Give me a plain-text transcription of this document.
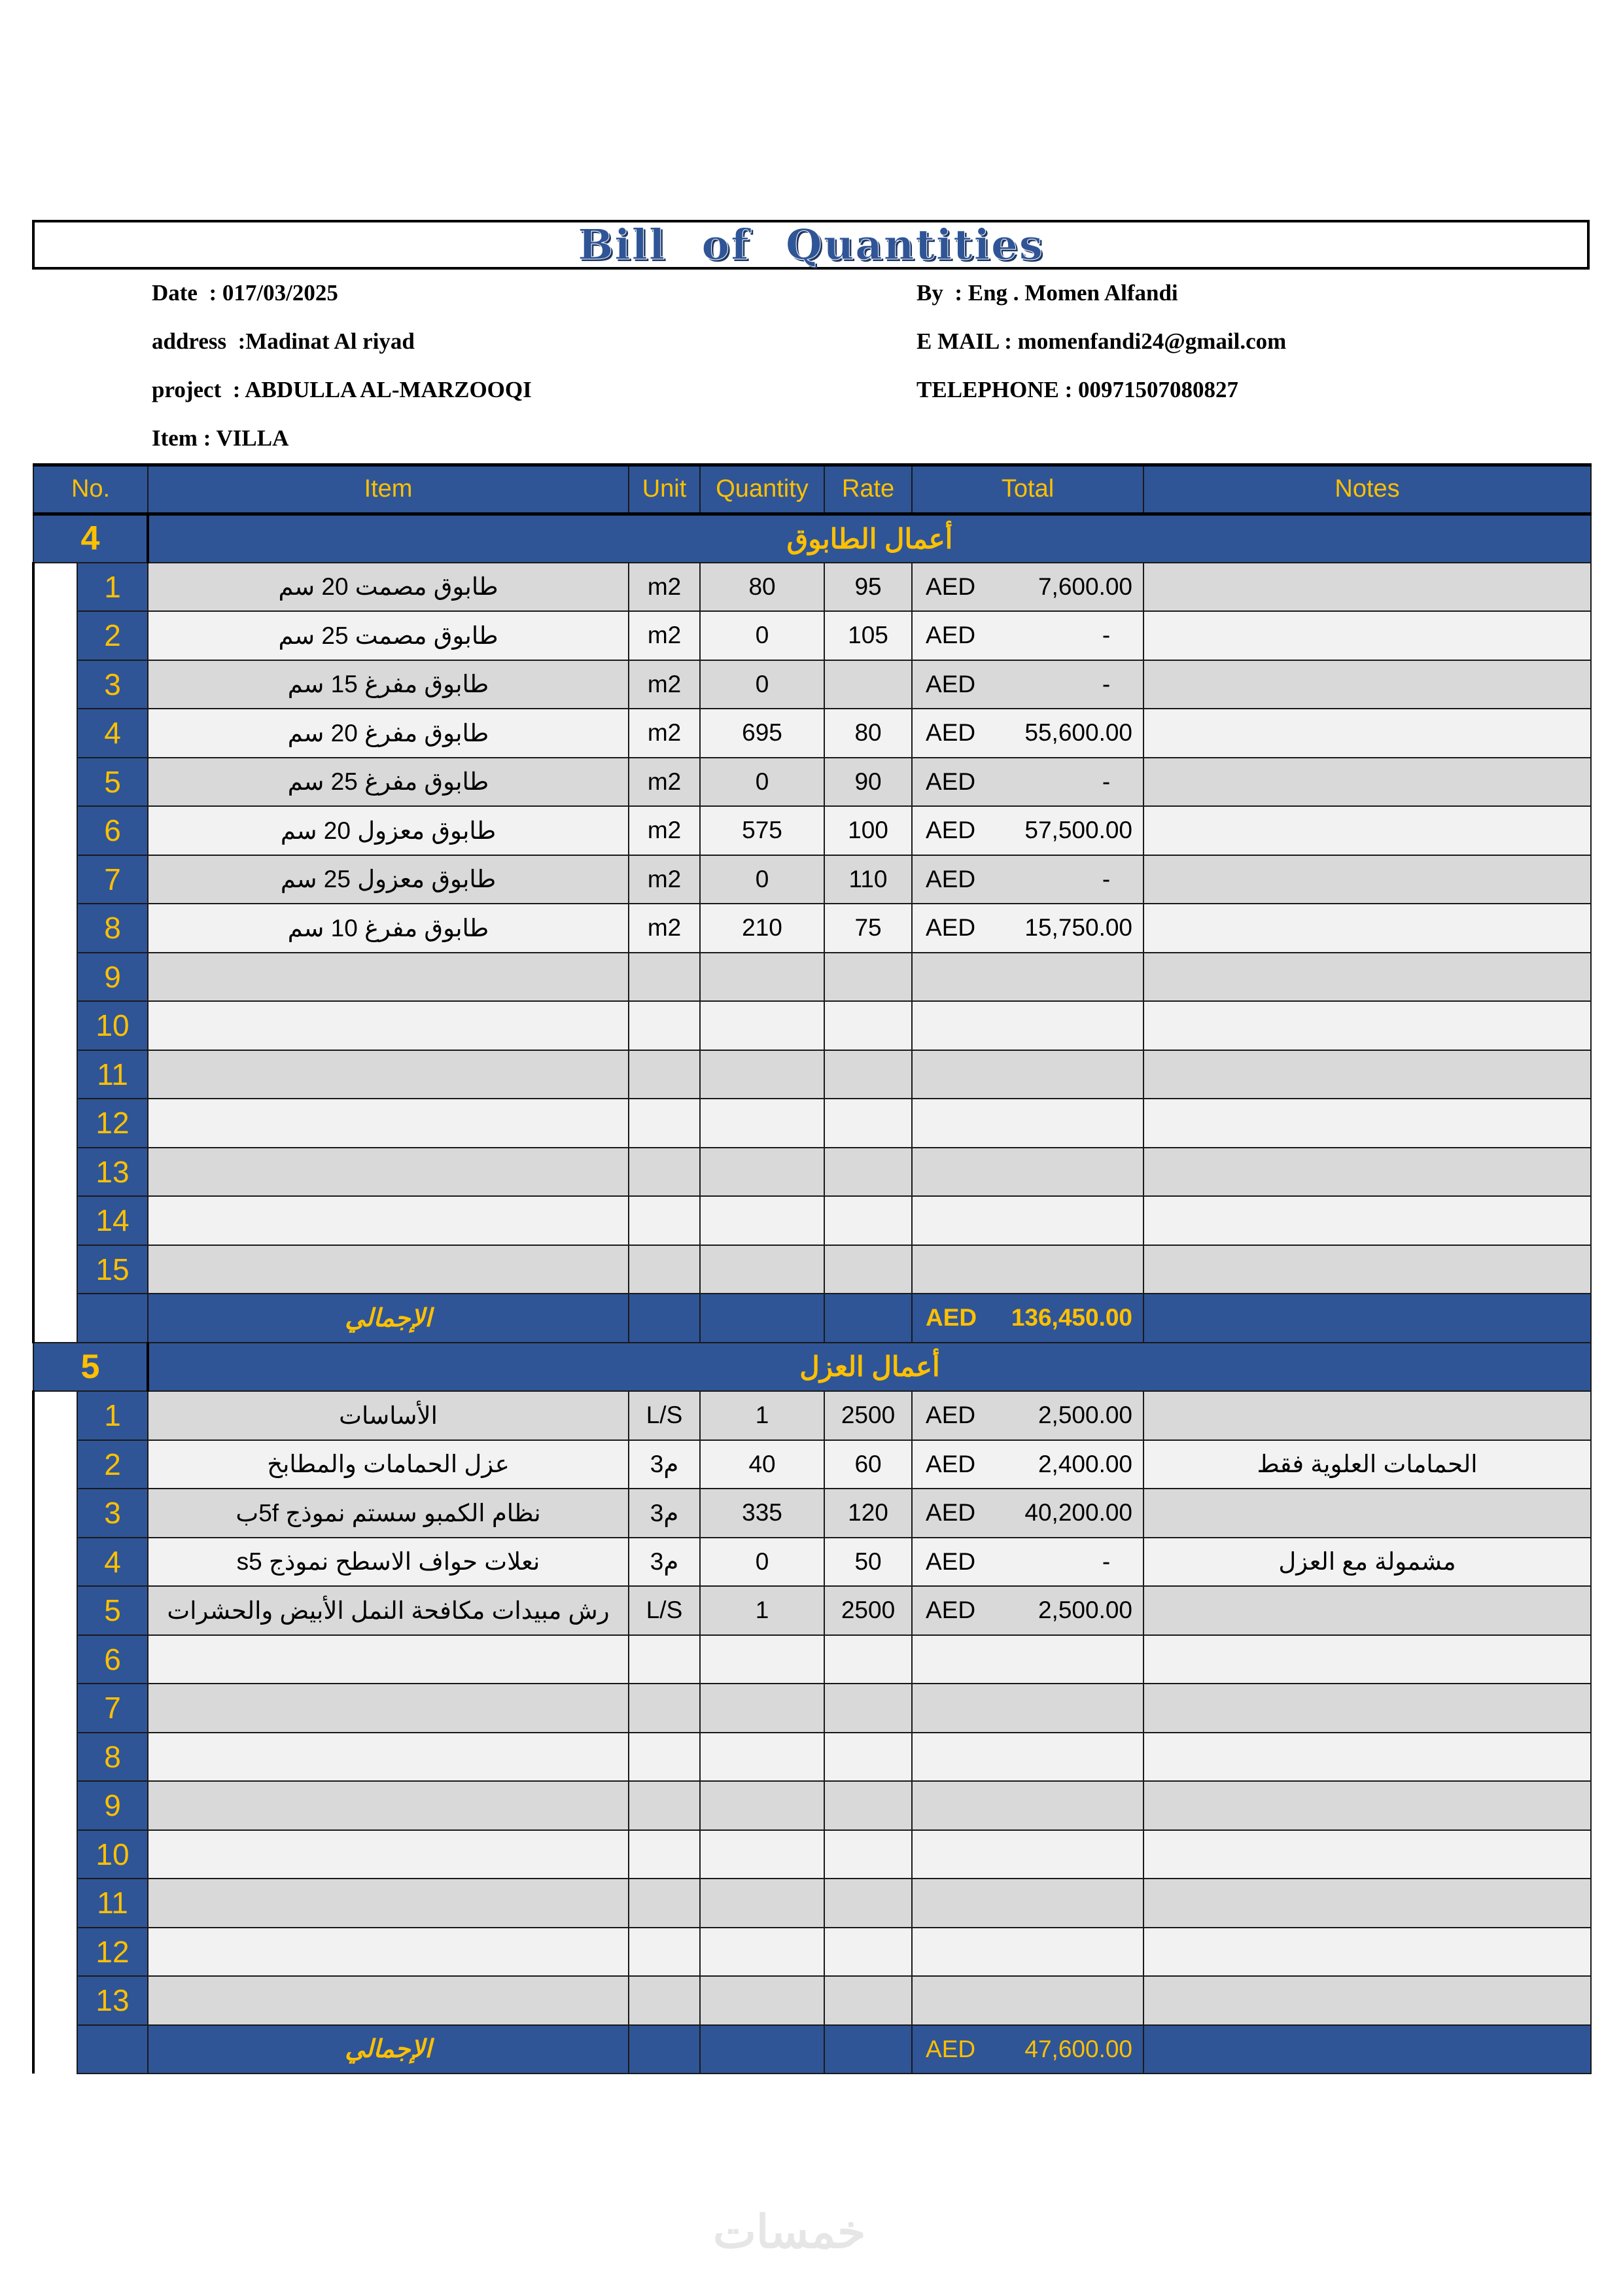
Bill of Quantities
Date  : 017/03/2025
address  :Madinat Al riyad
project  : ABDULLA AL-MARZOOQI
Item : VILLA
By  : Eng . Momen Alfandi
E MAIL : momenfandi24@gmail.com
TELEPHONE : 00971507080827
No.		Item	Unit	Quantity	Rate	Total	Notes
4		أعمال الطابوق					
	1	طابوق مصمت 20 سم	m2	80	95	AED 7,600.00	

	2	طابوق مصمت 25 سم	m2	0	105	AED -	

	3	طابوق مفرغ 15 سم	m2	0		AED -	

	4	طابوق مفرغ 20 سم	m2	695	80	AED 55,600.00	

	5	طابوق مفرغ 25 سم	m2	0	90	AED -	

	6	طابوق معزول 20 سم	m2	575	100	AED 57,500.00	

	7	طابوق معزول 25 سم	m2	0	110	AED -	

	8	طابوق مفرغ 10 سم	m2	210	75	AED 15,750.00	

	9					

	10					

	11					

	12					

	13					

	14					

	15					

		الإجمالي				AED 136,450.00	

5		أعمال العزل					
	1	الأساسات	L/S	1	2500	AED 2,500.00	

	2	عزل الحمامات والمطابخ	م3	40	60	AED 2,400.00	الحمامات العلوية فقط
	3	نظام الكمبو سستم نموذج 5fب	م3	335	120	AED 40,200.00	

	4	نعلات حواف الاسطح نموذج s5	م3	0	50	AED -	مشمولة مع العزل
	5	رش مبيدات مكافحة النمل الأبيض والحشرات	L/S	1	2500	AED 2,500.00	

	6					

	7					

	8					

	9					

	10					

	11					

	12					

	13					

		الإجمالي				AED 47,600.00	

خمسات
